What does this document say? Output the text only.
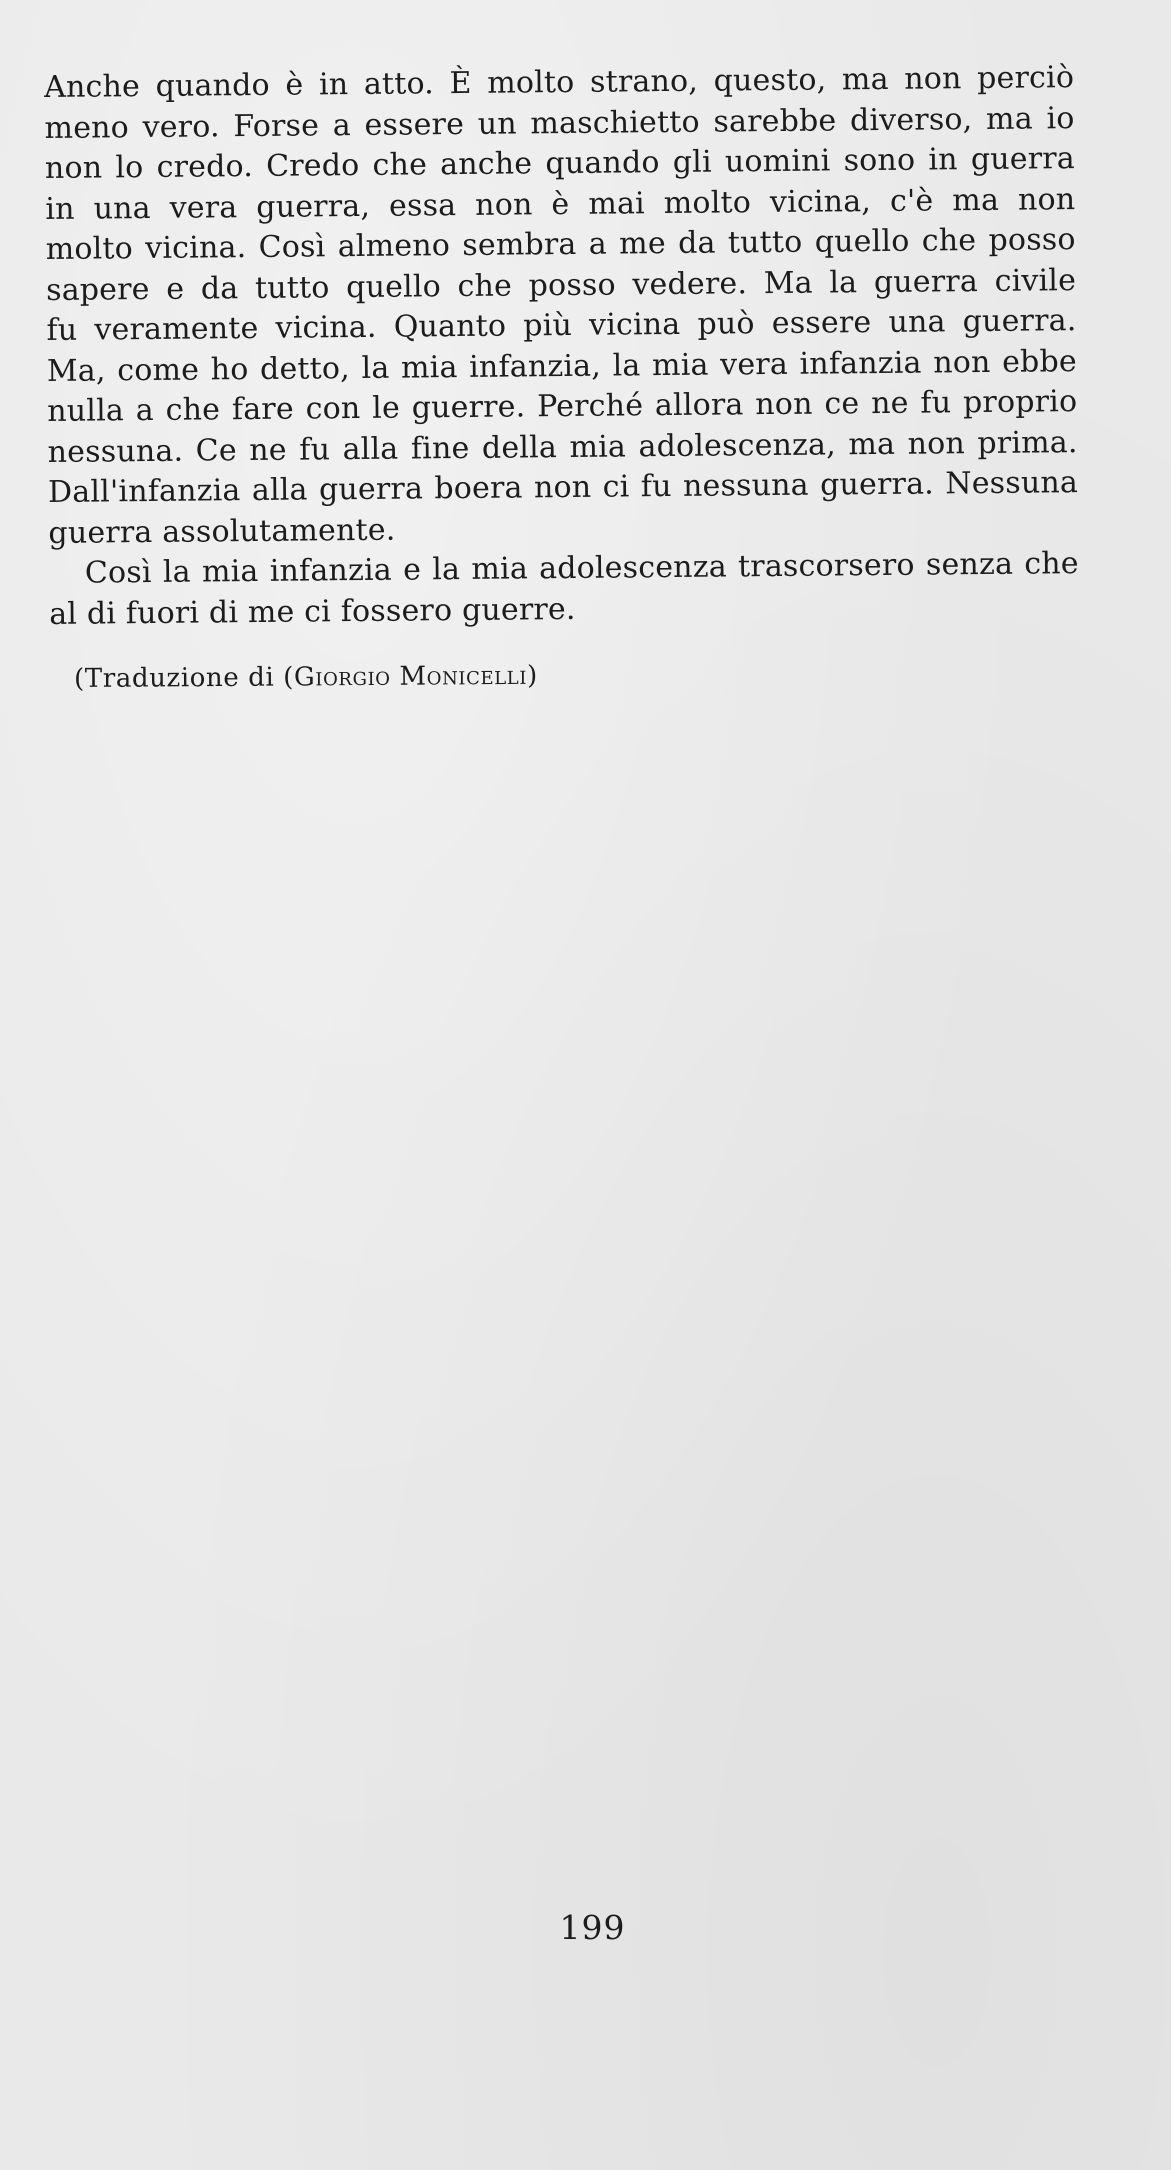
Anche quando è in atto. È molto strano, questo, ma non perciò
meno vero. Forse a essere un maschietto sarebbe diverso, ma io
non lo credo. Credo che anche quando gli uomini sono in guerra
in una vera guerra, essa non è mai molto vicina, c'è ma non
molto vicina. Così almeno sembra a me da tutto quello che posso
sapere e da tutto quello che posso vedere. Ma la guerra civile
fu veramente vicina. Quanto più vicina può essere una guerra.
Ma, come ho detto, la mia infanzia, la mia vera infanzia non ebbe
nulla a che fare con le guerre. Perché allora non ce ne fu proprio
nessuna. Ce ne fu alla fine della mia adolescenza, ma non prima.
Dall'infanzia alla guerra boera non ci fu nessuna guerra. Nessuna
guerra assolutamente.
Così la mia infanzia e la mia adolescenza trascorsero senza che
al di fuori di me ci fossero guerre.
(Traduzione di (Giorgio Monicelli)
199
